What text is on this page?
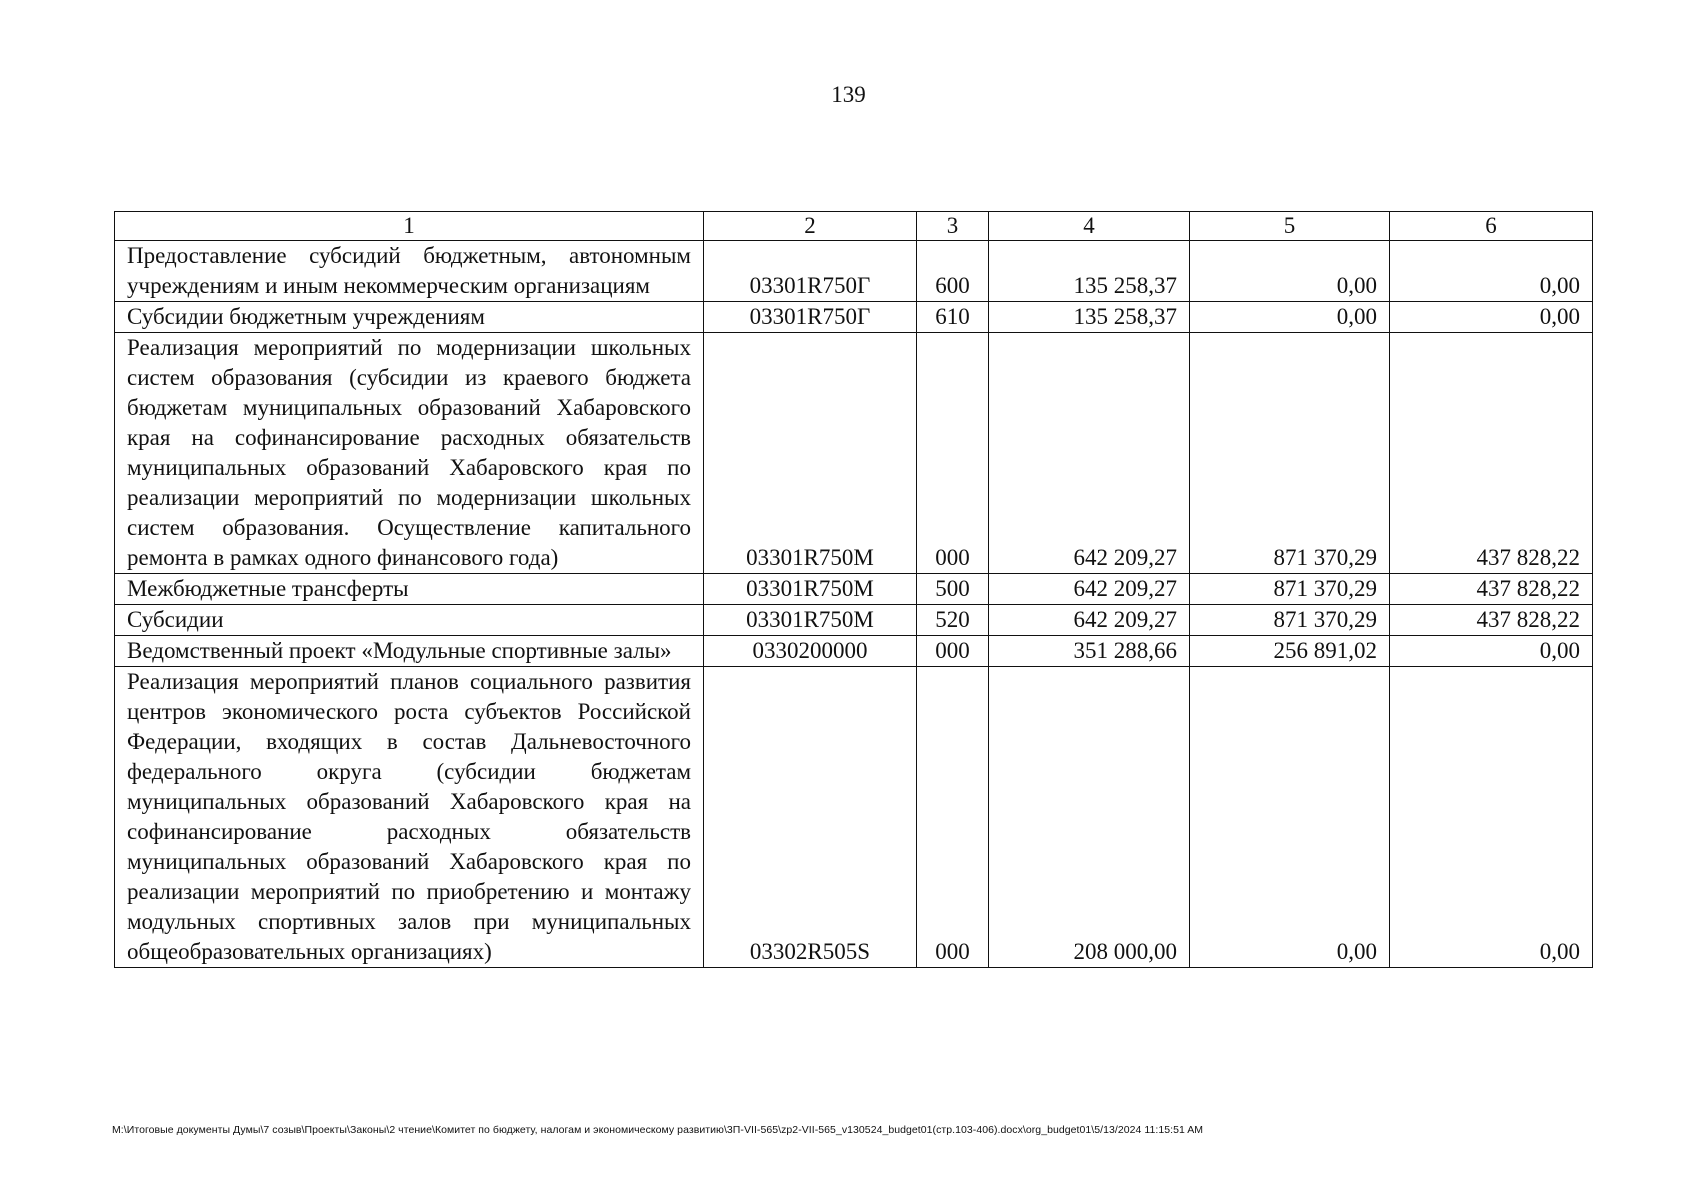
139
1	2	3	4	5	6
Предоставление субсидий бюджетным, автономным учреждениям и иным некоммерческим организациям	03301R750Г	600	135 258,37	0,00	0,00
Субсидии бюджетным учреждениям	03301R750Г	610	135 258,37	0,00	0,00
Реализация мероприятий по модернизации школьных систем образования (субсидии из краевого бюджета бюджетам муниципальных образований Хабаровского края на софинансирование расходных обязательств муниципальных образований Хабаровского края по реализации мероприятий по модернизации школьных систем образования. Осуществление капитального ремонта в рамках одного финансового года)	03301R750M	000	642 209,27	871 370,29	437 828,22
Межбюджетные трансферты	03301R750M	500	642 209,27	871 370,29	437 828,22
Субсидии	03301R750M	520	642 209,27	871 370,29	437 828,22
Ведомственный проект «Модульные спортивные залы»	0330200000	000	351 288,66	256 891,02	0,00
Реализация мероприятий планов социального развития центров экономического роста субъектов Российской Федерации, входящих в состав Дальневосточного федерального округа (субсидии бюджетам муниципальных образований Хабаровского края на софинансирование расходных обязательств муниципальных образований Хабаровского края по реализации мероприятий по приобретению и монтажу модульных спортивных залов при муниципальных общеобразовательных организациях)	03302R505S	000	208 000,00	0,00	0,00
M:\Итоговые документы Думы\7 созыв\Проекты\Законы\2 чтение\Комитет по бюджету, налогам и экономическому развитию\3П-VII-565\zp2-VII-565_v130524_budget01(стр.103-406).docx\org_budget01\5/13/2024 11:15:51 AM
